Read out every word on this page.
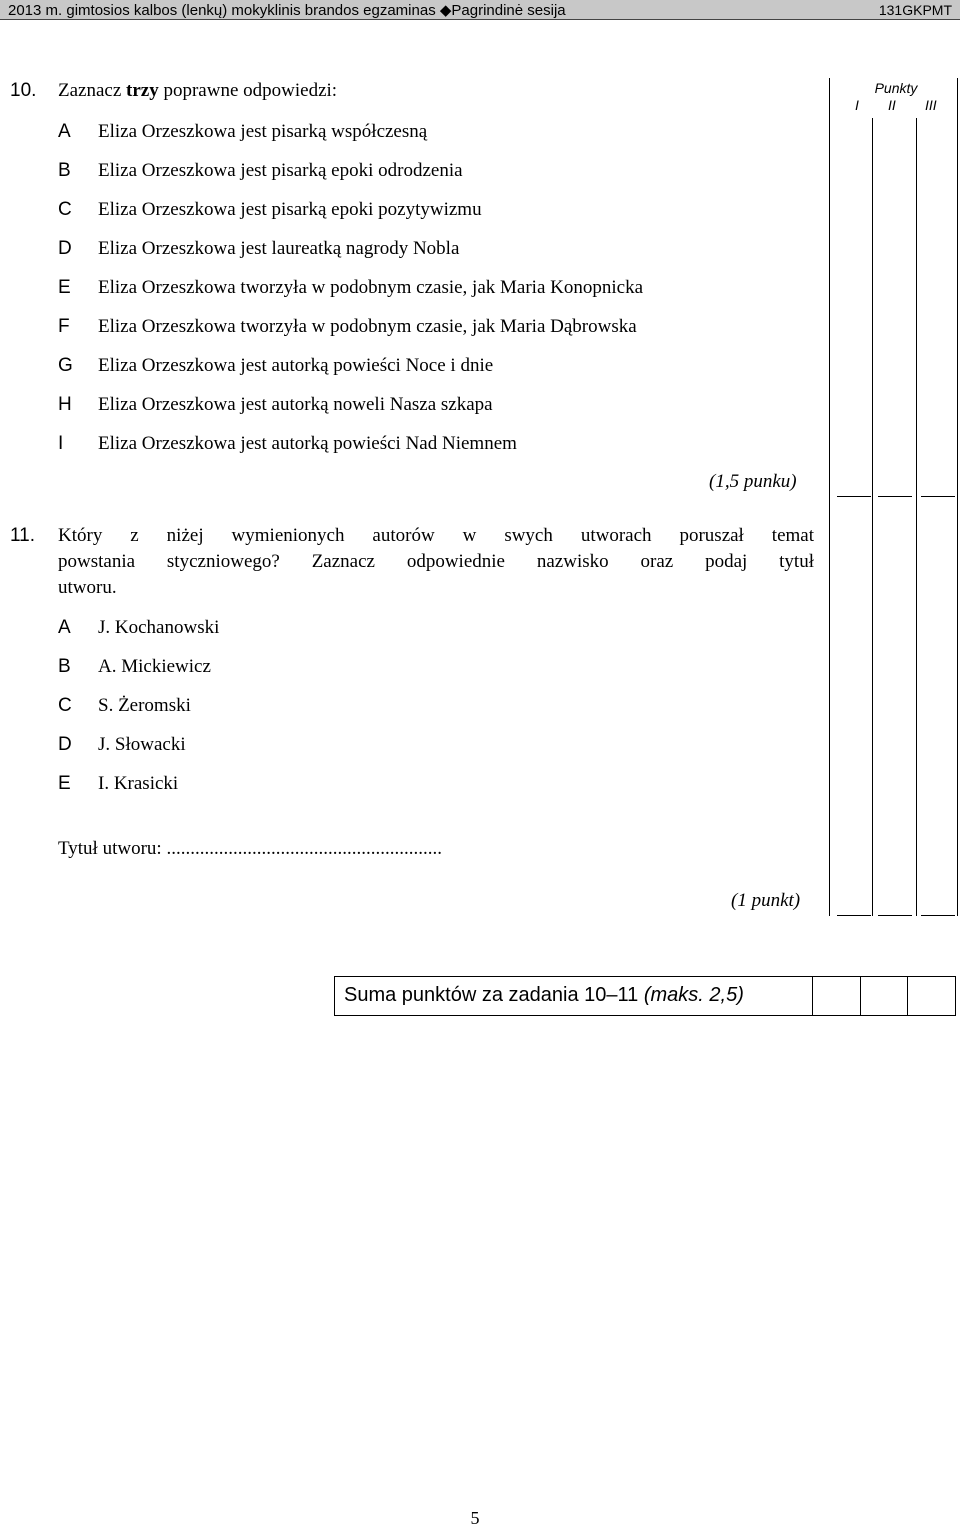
2013 m. gimtosios kalbos (lenkų) mokyklinis brandos egzaminas ◆Pagrindinė sesija	131GKPMT
Punkty
I II III
10. Zaznacz trzy poprawne odpowiedzi:
A Eliza Orzeszkowa jest pisarką współczesną
B Eliza Orzeszkowa jest pisarką epoki odrodzenia
C Eliza Orzeszkowa jest pisarką epoki pozytywizmu
D Eliza Orzeszkowa jest laureatką nagrody Nobla
E Eliza Orzeszkowa tworzyła w podobnym czasie, jak Maria Konopnicka
F Eliza Orzeszkowa tworzyła w podobnym czasie, jak Maria Dąbrowska
G Eliza Orzeszkowa jest autorką powieści Noce i dnie
H Eliza Orzeszkowa jest autorką noweli Nasza szkapa
I Eliza Orzeszkowa jest autorką powieści Nad Niemnem
(1,5 punku)
11. Który z niżej wymienionych autorów w swych utworach poruszał temat
powstania styczniowego? Zaznacz odpowiednie nazwisko oraz podaj tytuł
utworu.
A J. Kochanowski
B A. Mickiewicz
C S. Żeromski
D J. Słowacki
E I. Krasicki
Tytuł utworu: ..........................................................
(1 punkt)
Suma punktów za zadania 10–11 (maks. 2,5)
5
